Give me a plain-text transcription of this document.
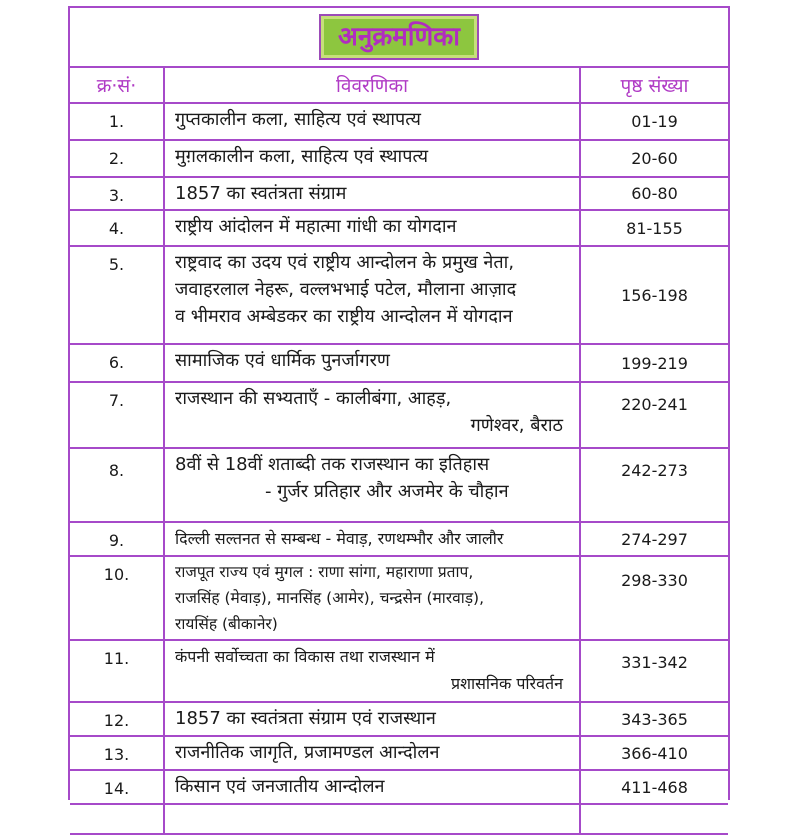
अनुक्रमणिका
क्र·सं·	विवरणिका	पृष्ठ संख्या
1.	गुप्तकालीन कला, साहित्य एवं स्थापत्य	01-19
2.	मुग़लकालीन कला, साहित्य एवं स्थापत्य	20-60
3.	1857 का स्वतंत्रता संग्राम	60-80
4.	राष्ट्रीय आंदोलन में महात्मा गांधी का योगदान	81-155
5.	राष्ट्रवाद का उदय एवं राष्ट्रीय आन्दोलन के प्रमुख नेता,
जवाहरलाल नेहरू, वल्लभभाई पटेल, मौलाना आज़ाद
व भीमराव अम्बेडकर का राष्ट्रीय आन्दोलन में योगदान	156-198
6.	सामाजिक एवं धार्मिक पुनर्जागरण	199-219
7.	राजस्थान की सभ्यताएँ - कालीबंगा, आहड़,
गणेश्वर, बैराठ	220-241
8.	8वीं से 18वीं शताब्दी तक राजस्थान का इतिहास
- गुर्जर प्रतिहार और अजमेर के चौहान	242-273
9.	दिल्ली सल्तनत से सम्बन्ध - मेवाड़, रणथम्भौर और जालौर	274-297
10.	राजपूत राज्य एवं मुगल : राणा सांगा, महाराणा प्रताप,
राजसिंह (मेवाड़), मानसिंह (आमेर), चन्द्रसेन (मारवाड़),
रायसिंह (बीकानेर)	298-330
11.	कंपनी सर्वोच्चता का विकास तथा राजस्थान में
प्रशासनिक परिवर्तन	331-342
12.	1857 का स्वतंत्रता संग्राम एवं राजस्थान	343-365
13.	राजनीतिक जागृति, प्रजामण्डल आन्दोलन	366-410
14.	किसान एवं जनजातीय आन्दोलन	411-468
